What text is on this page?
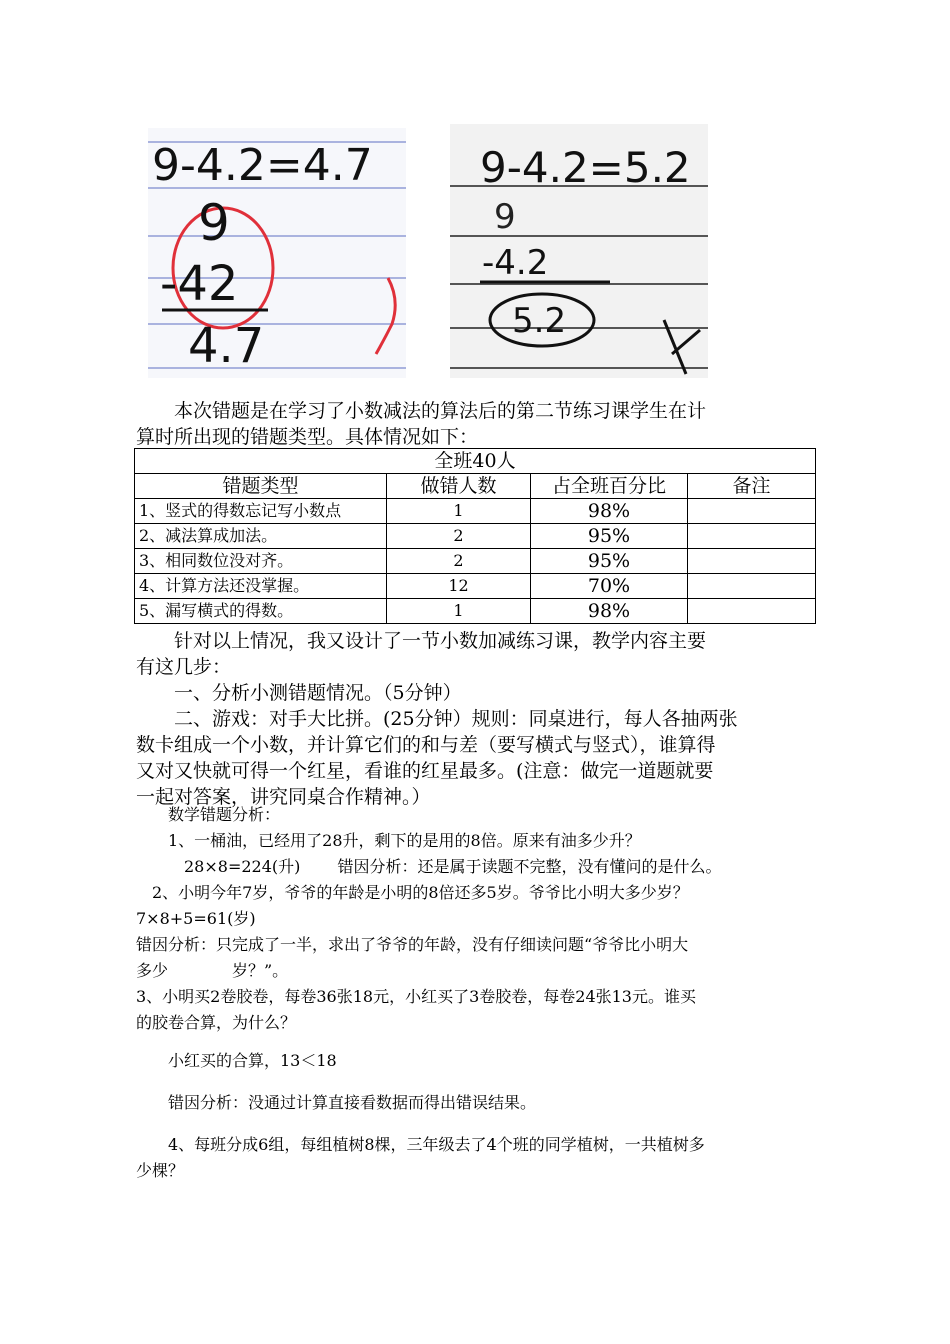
9-4.2=4.7
9
-42
4.7
9-4.2=5.2
9
-4.2
5.2
　　本次错题是在学习了小数减法的算法后的第二节练习课学生在计
算时所出现的错题类型。具体情况如下：
全班40人			
错题类型	做错人数	占全班百分比	备注
1、竖式的得数忘记写小数点	1	98%	
2、减法算成加法。	2	95%	
3、相同数位没对齐。	2	95%	
4、计算方法还没掌握。	12	70%	
5、漏写横式的得数。	1	98%	
　　针对以上情况，我又设计了一节小数加减练习课，教学内容主要
有这几步：
　　一、分析小测错题情况。（5分钟）
　　二、游戏：对手大比拼。(25分钟）规则：同桌进行，每人各抽两张
数卡组成一个小数，并计算它们的和与差（要写横式与竖式），谁算得
又对又快就可得一个红星，看谁的红星最多。(注意：做完一道题就要
一起对答案，讲究同桌合作精神。）
　　数学错题分析：
　　1、一桶油，已经用了28升，剩下的是用的8倍。原来有油多少升？
　　　28×8=224(升)　　 错因分析：还是属于读题不完整，没有懂问的是什么。
　2、小明今年7岁，爷爷的年龄是小明的8倍还多5岁。爷爷比小明大多少岁？
7×8+5=61(岁)
错因分析：只完成了一半，求出了爷爷的年龄，没有仔细读问题“爷爷比小明大
多少　　　　岁？”。
3、小明买2卷胶卷，每卷36张18元，小红买了3卷胶卷，每卷24张13元。谁买
的胶卷合算，为什么？
　　小红买的合算，13＜18
　　错因分析：没通过计算直接看数据而得出错误结果。
　　4、每班分成6组，每组植树8棵，三年级去了4个班的同学植树，一共植树多
少棵？
